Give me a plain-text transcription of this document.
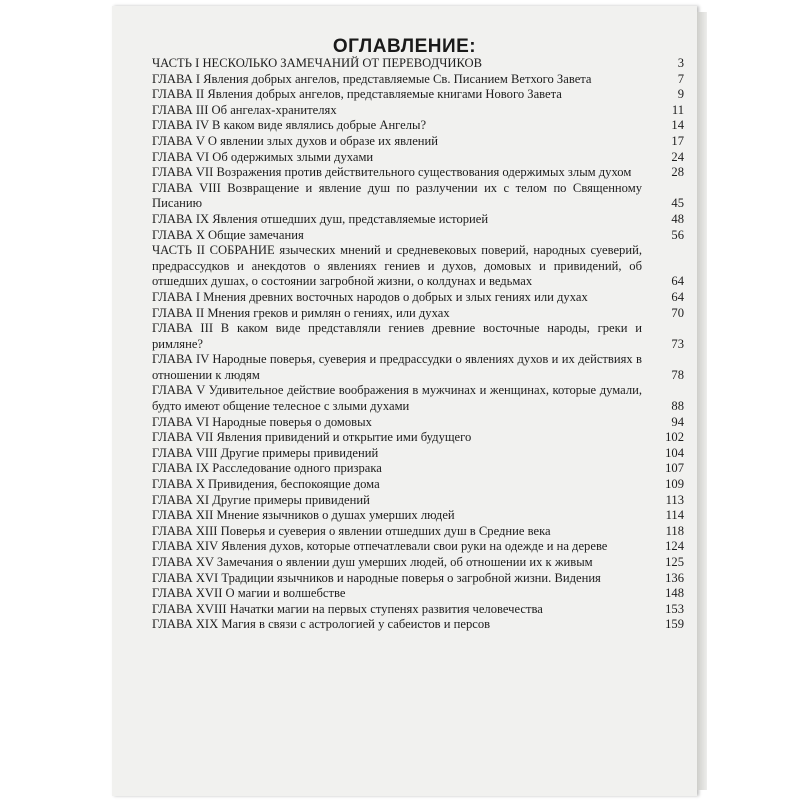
ОГЛАВЛЕНИЕ:
ЧАСТЬ I НЕСКОЛЬКО ЗАМЕЧАНИЙ ОТ ПЕРЕВОДЧИКОВ	3
ГЛАВА I Явления добрых ангелов, представляемые Св. Писанием Ветхого Завета	7
ГЛАВА II Явления добрых ангелов, представляемые книгами Нового Завета	9
ГЛАВА III Об ангелах-хранителях	11
ГЛАВА IV В каком виде являлись добрые Ангелы?	14
ГЛАВА V О явлении злых духов и образе их явлений	17
ГЛАВА VI Об одержимых злыми духами	24
ГЛАВА VII Возражения против действительного существования одержимых злым духом	28
ГЛАВА VIII Возвращение и явление душ по разлучении их с телом по Священному Писанию	45
ГЛАВА IX Явления отшедших душ, представляемые историей	48
ГЛАВА X Общие замечания	56
ЧАСТЬ II СОБРАНИЕ языческих мнений и средневековых поверий, народных суеверий, предрассудков и анекдотов о явлениях гениев и духов, домовых и привидений, об отшедших душах, о состоянии загробной жизни, о колдунах и ведьмах	64
ГЛАВА I Мнения древних восточных народов о добрых и злых гениях или духах	64
ГЛАВА II Мнения греков и римлян о гениях, или духах	70
ГЛАВА III В каком виде представляли гениев древние восточные народы, греки и римляне?	73
ГЛАВА IV Народные поверья, суеверия и предрассудки о явлениях духов и их действиях в отношении к людям	78
ГЛАВА V Удивительное действие воображения в мужчинах и женщинах, которые думали, будто имеют общение телесное с злыми духами	88
ГЛАВА VI Народные поверья о домовых	94
ГЛАВА VII Явления привидений и открытие ими будущего	102
ГЛАВА VIII Другие примеры привидений	104
ГЛАВА IX Расследование одного призрака	107
ГЛАВА X Привидения, беспокоящие дома	109
ГЛАВА XI Другие примеры привидений	113
ГЛАВА XII Мнение язычников о душах умерших людей	114
ГЛАВА XIII Поверья и суеверия о явлении отшедших душ в Средние века	118
ГЛАВА XIV Явления духов, которые отпечатлевали свои руки на одежде и на дереве	124
ГЛАВА XV Замечания о явлении душ умерших людей, об отношении их к живым	125
ГЛАВА XVI Традиции язычников и народные поверья о загробной жизни. Видения	136
ГЛАВА XVII О магии и волшебстве	148
ГЛАВА XVIII Начатки магии на первых ступенях развития человечества	153
ГЛАВА XIX Магия в связи с астрологией у сабеистов и персов	159
